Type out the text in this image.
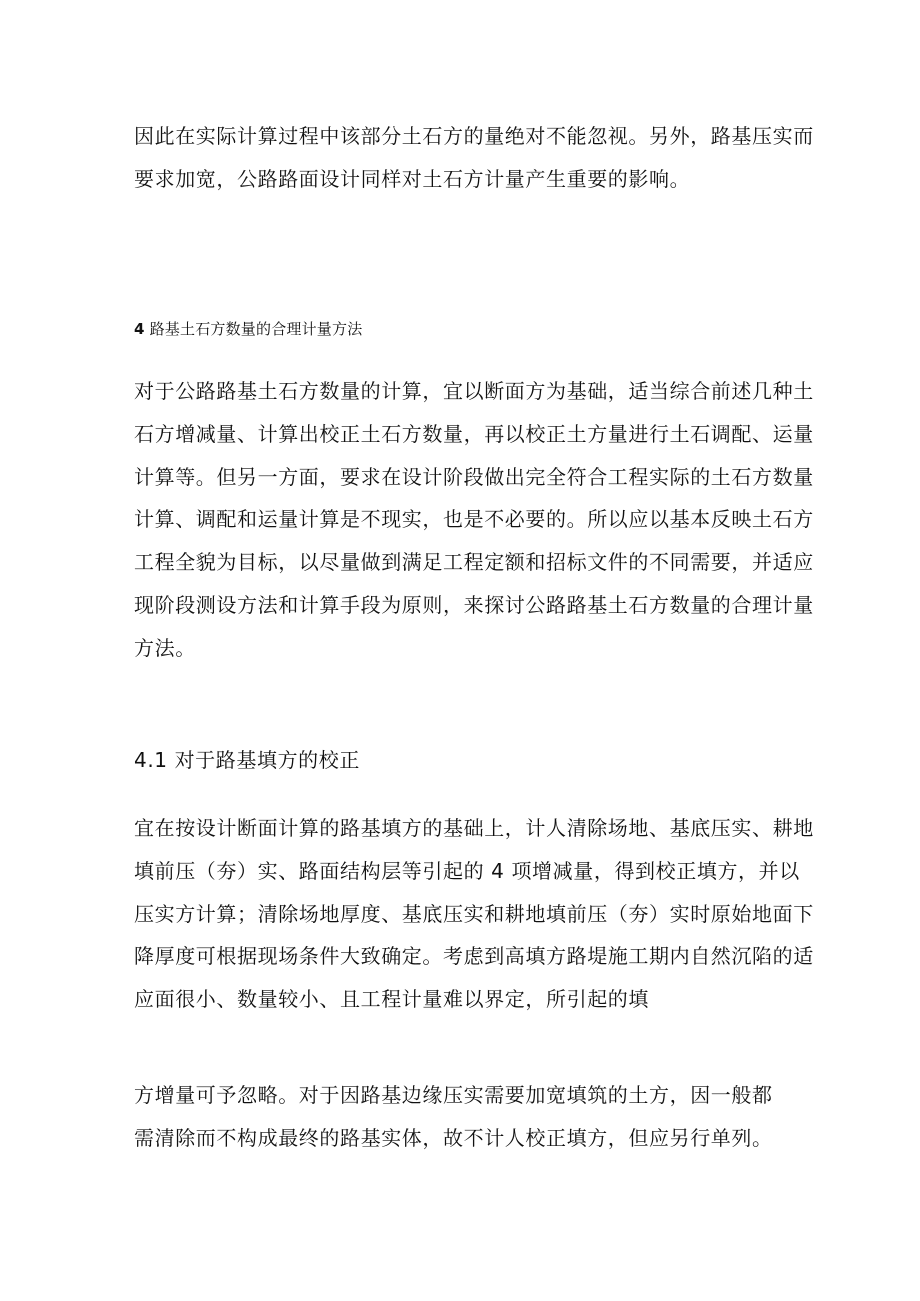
因此在实际计算过程中该部分土石方的量绝对不能忽视。另外，路基压实而
要求加宽，公路路面设计同样对土石方计量产生重要的影响。

4 路基土石方数量的合理计量方法

对于公路路基土石方数量的计算，宜以断面方为基础，适当综合前述几种土
石方增减量、计算出校正土石方数量，再以校正土方量进行土石调配、运量
计算等。但另一方面，要求在设计阶段做出完全符合工程实际的土石方数量
计算、调配和运量计算是不现实，也是不必要的。所以应以基本反映土石方
工程全貌为目标，以尽量做到满足工程定额和招标文件的不同需要，并适应
现阶段测设方法和计算手段为原则，来探讨公路路基土石方数量的合理计量
方法。

4.1 对于路基填方的校正

宜在按设计断面计算的路基填方的基础上，计人清除场地、基底压实、耕地
填前压（夯）实、路面结构层等引起的 4 项增减量，得到校正填方，并以
压实方计算；清除场地厚度、基底压实和耕地填前压（夯）实时原始地面下
降厚度可根据现场条件大致确定。考虑到高填方路堤施工期内自然沉陷的适
应面很小、数量较小、且工程计量难以界定，所引起的填

方增量可予忽略。对于因路基边缘压实需要加宽填筑的土方，因一般都
需清除而不构成最终的路基实体，故不计人校正填方，但应另行单列。
